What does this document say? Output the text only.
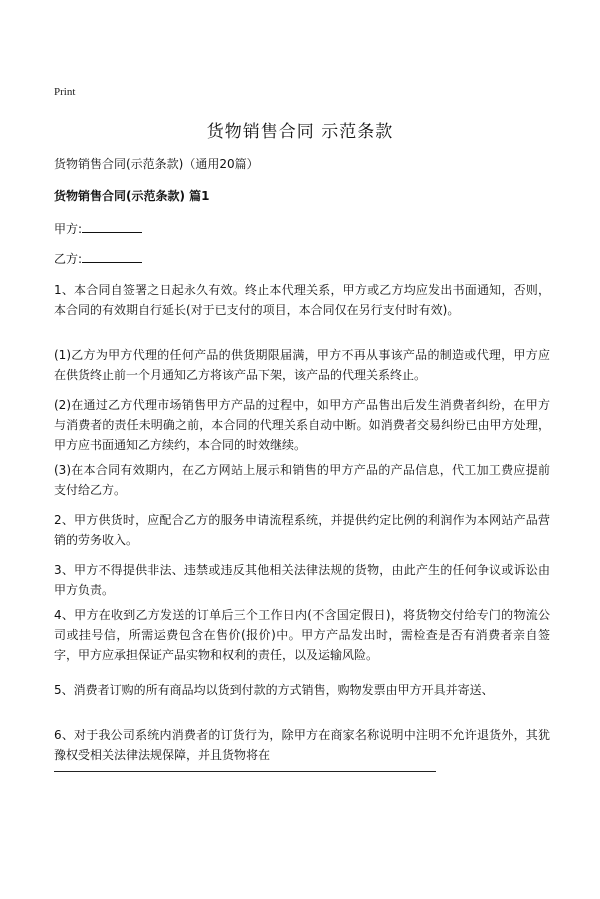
Print
货物销售合同 示范条款
货物销售合同(示范条款)（通用20篇）
货物销售合同(示范条款) 篇1
甲方:
乙方:

1、本合同自签署之日起永久有效。终止本代理关系，甲方或乙方均应发出书面通知，否则，本合同的有效期自行延长(对于已支付的项目，本合同仅在另行支付时有效)。

(1)乙方为甲方代理的任何产品的供货期限届满，甲方不再从事该产品的制造或代理，甲方应在供货终止前一个月通知乙方将该产品下架，该产品的代理关系终止。

(2)在通过乙方代理市场销售甲方产品的过程中，如甲方产品售出后发生消费者纠纷，在甲方与消费者的责任未明确之前，本合同的代理关系自动中断。如消费者交易纠纷已由甲方处理，甲方应书面通知乙方续约，本合同的时效继续。

(3)在本合同有效期内，在乙方网站上展示和销售的甲方产品的产品信息，代工加工费应提前支付给乙方。

2、甲方供货时，应配合乙方的服务申请流程系统，并提供约定比例的利润作为本网站产品营销的劳务收入。

3、甲方不得提供非法、违禁或违反其他相关法律法规的货物，由此产生的任何争议或诉讼由甲方负责。

4、甲方在收到乙方发送的订单后三个工作日内(不含国定假日)，将货物交付给专门的物流公司或挂号信，所需运费包含在售价(报价)中。甲方产品发出时，需检查是否有消费者亲自签字，甲方应承担保证产品实物和权利的责任，以及运输风险。

5、消费者订购的所有商品均以货到付款的方式销售，购物发票由甲方开具并寄送、

6、对于我公司系统内消费者的订货行为，除甲方在商家名称说明中注明不允许退货外，其犹豫权受相关法律法规保障，并且货物将在
